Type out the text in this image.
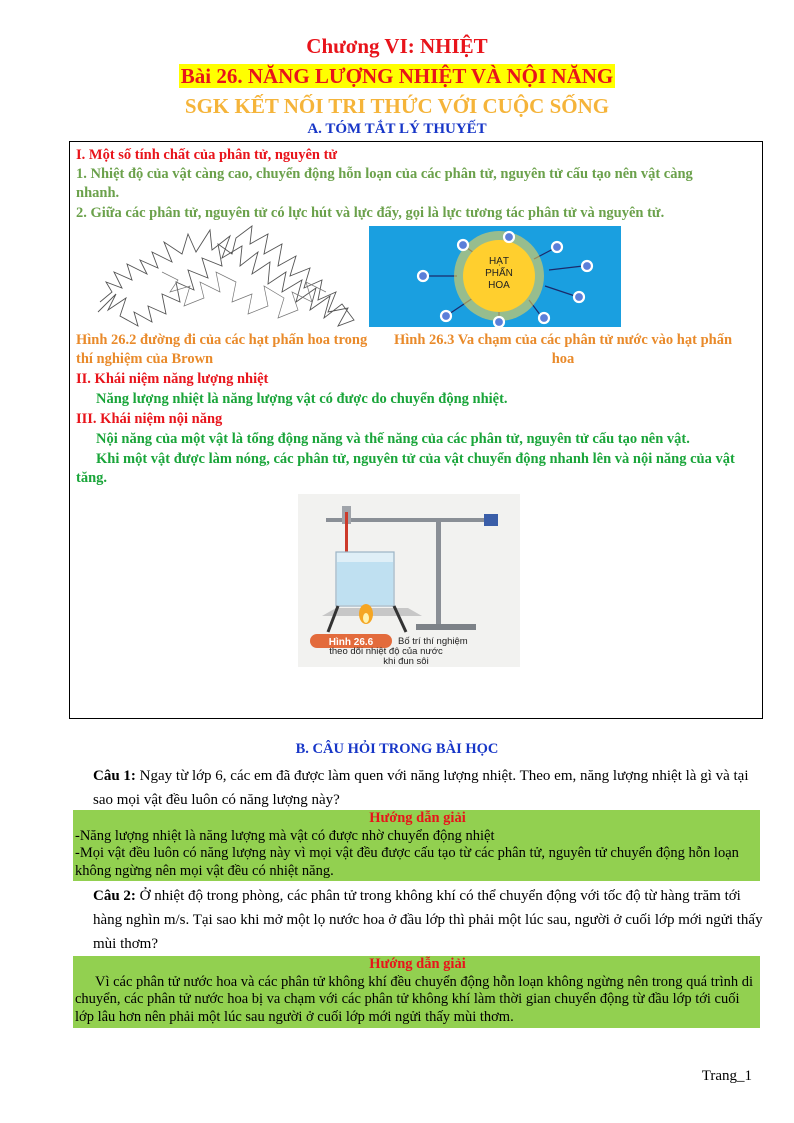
Chương VI: NHIỆT
Bài 26. NĂNG LƯỢNG NHIỆT VÀ NỘI NĂNG
SGK KẾT NỐI TRI THỨC VỚI CUỘC SỐNG
A. TÓM TẮT LÝ THUYẾT
I. Một số tính chất của phân tử, nguyên tử
1. Nhiệt độ của vật càng cao, chuyển động hỗn loạn của các phân tử, nguyên tử cấu tạo nên vật càng nhanh.
2. Giữa các phân tử, nguyên tử có lực hút và lực đẩy, gọi là lực tương tác phân tử và nguyên tử.
HẠT
PHẤN
HOA
Hình 26.2 đường đi của các hạt phấn hoa trong thí nghiệm của Brown
Hình 26.3 Va chạm của các phân tử nước vào hạt phấn hoa
II. Khái niệm năng lượng nhiệt
Năng lượng nhiệt là năng lượng vật có được do chuyển động nhiệt.
III. Khái niệm nội năng
Nội năng của một vật là tổng động năng và thế năng của các phân tử, nguyên tử cấu tạo nên vật.
Khi một vật được làm nóng, các phân tử, nguyên tử của vật chuyển động nhanh lên và nội năng của vật tăng.
Hình 26.6	Bố trí thí nghiệm
theo dõi nhiệt độ của nước
khi đun sôi
B. CÂU HỎI TRONG BÀI HỌC
Câu 1: Ngay từ lớp 6, các em đã được làm quen với năng lượng nhiệt. Theo em, năng lượng nhiệt là gì và tại sao mọi vật đều luôn có năng lượng này?
Hướng dẫn giải
-Năng lượng nhiệt là năng lượng mà vật có được nhờ chuyển động nhiệt
-Mọi vật đều luôn có năng lượng này vì mọi vật đều được cấu tạo từ các phân tử, nguyên tử chuyển động hỗn loạn không ngừng nên mọi vật đều có nhiệt năng.
Câu 2: Ở nhiệt độ trong phòng, các phân tử trong không khí có thể chuyển động với tốc độ từ hàng trăm tới hàng nghìn m/s. Tại sao khi mở một lọ nước hoa ở đầu lớp thì phải một lúc sau, người ở cuối lớp mới ngửi thấy mùi thơm?
Hướng dẫn giải
Vì các phân tử nước hoa và các phân tử không khí đều chuyển động hỗn loạn không ngừng nên trong quá trình di chuyển, các phân tử nước hoa bị va chạm với các phân tử không khí làm thời gian chuyển động từ đầu lớp tới cuối lớp lâu hơn nên phải một lúc sau người ở cuối lớp mới ngửi thấy mùi thơm.
Trang_1
